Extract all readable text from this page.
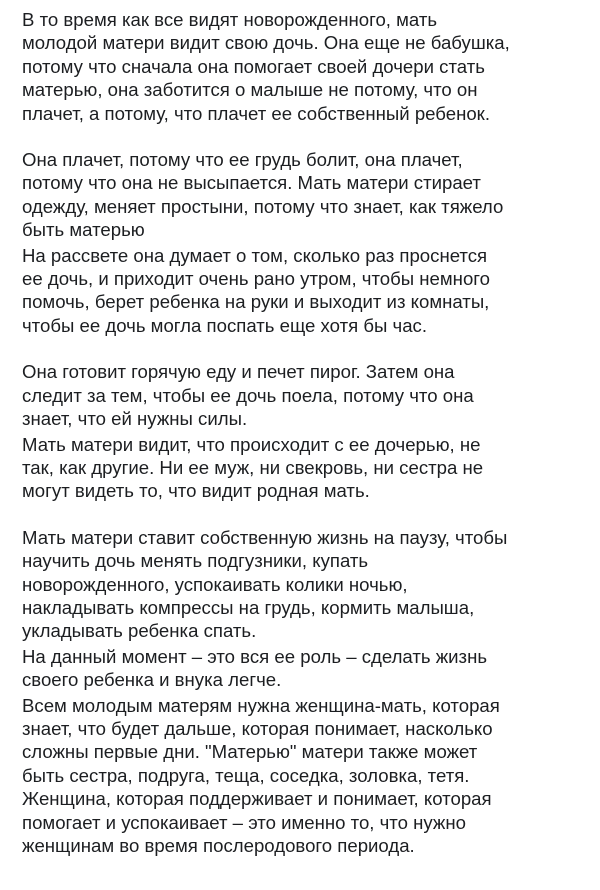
В то время как все видят новорожденного, мать
молодой матери видит свою дочь. Она еще не бабушка,
потому что сначала она помогает своей дочери стать
матерью, она заботится о малыше не потому, что он
плачет, а потому, что плачет ее собственный ребенок.

Она плачет, потому что ее грудь болит, она плачет,
потому что она не высыпается. Мать матери стирает
одежду, меняет простыни, потому что знает, как тяжело
быть матерью

На рассвете она думает о том, сколько раз проснется
ее дочь, и приходит очень рано утром, чтобы немного
помочь, берет ребенка на руки и выходит из комнаты,
чтобы ее дочь могла поспать еще хотя бы час.

Она готовит горячую еду и печет пирог. Затем она
следит за тем, чтобы ее дочь поела, потому что она
знает, что ей нужны силы.

Мать матери видит, что происходит с ее дочерью, не
так, как другие. Ни ее муж, ни свекровь, ни сестра не
могут видеть то, что видит родная мать.

Мать матери ставит собственную жизнь на паузу, чтобы
научить дочь менять подгузники, купать
новорожденного, успокаивать колики ночью,
накладывать компрессы на грудь, кормить малыша,
укладывать ребенка спать.

На данный момент – это вся ее роль – сделать жизнь
своего ребенка и внука легче.

Всем молодым матерям нужна женщина-мать, которая
знает, что будет дальше, которая понимает, насколько
сложны первые дни. "Матерью" матери также может
быть сестра, подруга, теща, соседка, золовка, тетя.
Женщина, которая поддерживает и понимает, которая
помогает и успокаивает – это именно то, что нужно
женщинам во время послеродового периода.
